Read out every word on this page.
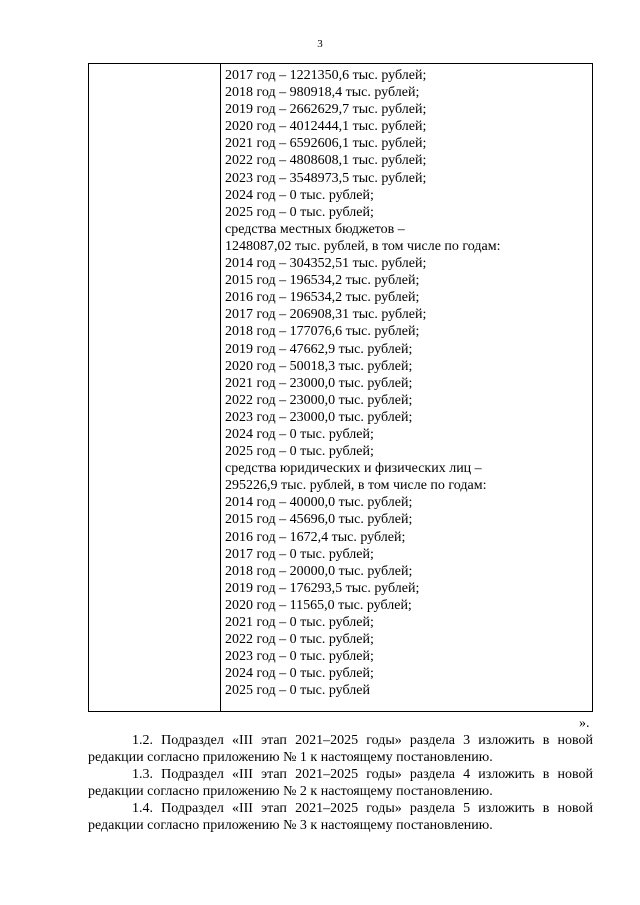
3
2017 год – 1221350,6 тыс. рублей;
2018 год – 980918,4 тыс. рублей;
2019 год – 2662629,7 тыс. рублей;
2020 год – 4012444,1 тыс. рублей;
2021 год – 6592606,1 тыс. рублей;
2022 год – 4808608,1 тыс. рублей;
2023 год – 3548973,5 тыс. рублей;
2024 год – 0 тыс. рублей;
2025 год – 0 тыс. рублей;
средства местных бюджетов –
1248087,02 тыс. рублей, в том числе по годам:
2014 год – 304352,51 тыс. рублей;
2015 год – 196534,2 тыс. рублей;
2016 год – 196534,2 тыс. рублей;
2017 год – 206908,31 тыс. рублей;
2018 год – 177076,6 тыс. рублей;
2019 год – 47662,9 тыс. рублей;
2020 год – 50018,3 тыс. рублей;
2021 год – 23000,0 тыс. рублей;
2022 год – 23000,0 тыс. рублей;
2023 год – 23000,0 тыс. рублей;
2024 год – 0 тыс. рублей;
2025 год – 0 тыс. рублей;
средства юридических и физических лиц –
295226,9 тыс. рублей, в том числе по годам:
2014 год – 40000,0 тыс. рублей;
2015 год – 45696,0 тыс. рублей;
2016 год – 1672,4 тыс. рублей;
2017 год – 0 тыс. рублей;
2018 год – 20000,0 тыс. рублей;
2019 год – 176293,5 тыс. рублей;
2020 год – 11565,0 тыс. рублей;
2021 год – 0 тыс. рублей;
2022 год – 0 тыс. рублей;
2023 год – 0 тыс. рублей;
2024 год – 0 тыс. рублей;
2025 год – 0 тыс. рублей
».
1.2. Подраздел «III этап 2021–2025 годы» раздела 3 изложить в новой
редакции согласно приложению № 1 к настоящему постановлению.
1.3. Подраздел «III этап 2021–2025 годы» раздела 4 изложить в новой
редакции согласно приложению № 2 к настоящему постановлению.
1.4. Подраздел «III этап 2021–2025 годы» раздела 5 изложить в новой
редакции согласно приложению № 3 к настоящему постановлению.
